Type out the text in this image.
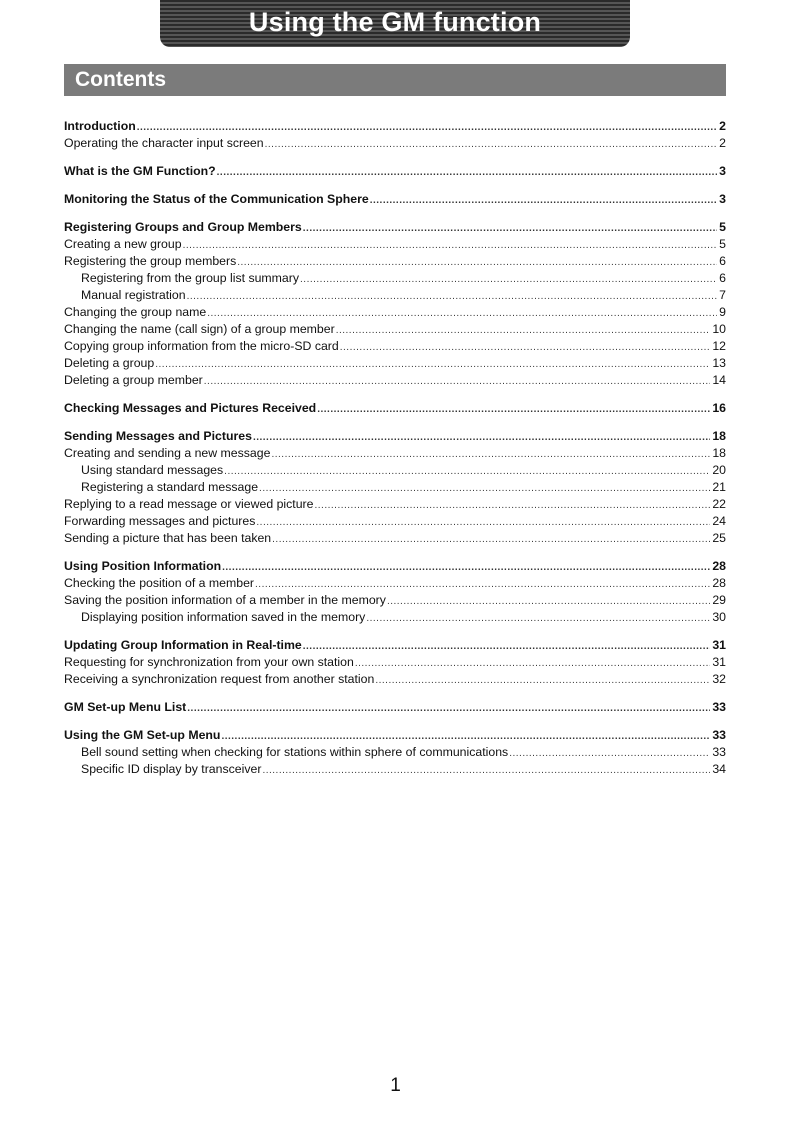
Using the GM function
Contents
Introduction .....	2
Operating the character input screen .....	2
What is the GM Function? .....	3
Monitoring the Status of the Communication Sphere .....	3
Registering Groups and Group Members .....	5
Creating a new group .....	5
Registering the group members .....	6
Registering from the group list summary .....	6
Manual registration .....	7
Changing the group name .....	9
Changing the name (call sign) of a group member .....	10
Copying group information from the micro-SD card .....	12
Deleting a group .....	13
Deleting a group member .....	14
Checking Messages and Pictures Received .....	16
Sending Messages and Pictures .....	18
Creating and sending a new message .....	18
Using standard messages .....	20
Registering a standard message .....	21
Replying to a read message or viewed picture .....	22
Forwarding messages and pictures .....	24
Sending a picture that has been taken .....	25
Using Position Information .....	28
Checking the position of a member .....	28
Saving the position information of a member in the memory .....	29
Displaying position information saved in the memory .....	30
Updating Group Information in Real-time .....	31
Requesting for synchronization from your own station .....	31
Receiving a synchronization request from another station .....	32
GM Set-up Menu List .....	33
Using the GM Set-up Menu .....	33
Bell sound setting when checking for stations within sphere of communications .....	33
Specific ID display by transceiver .....	34
1
